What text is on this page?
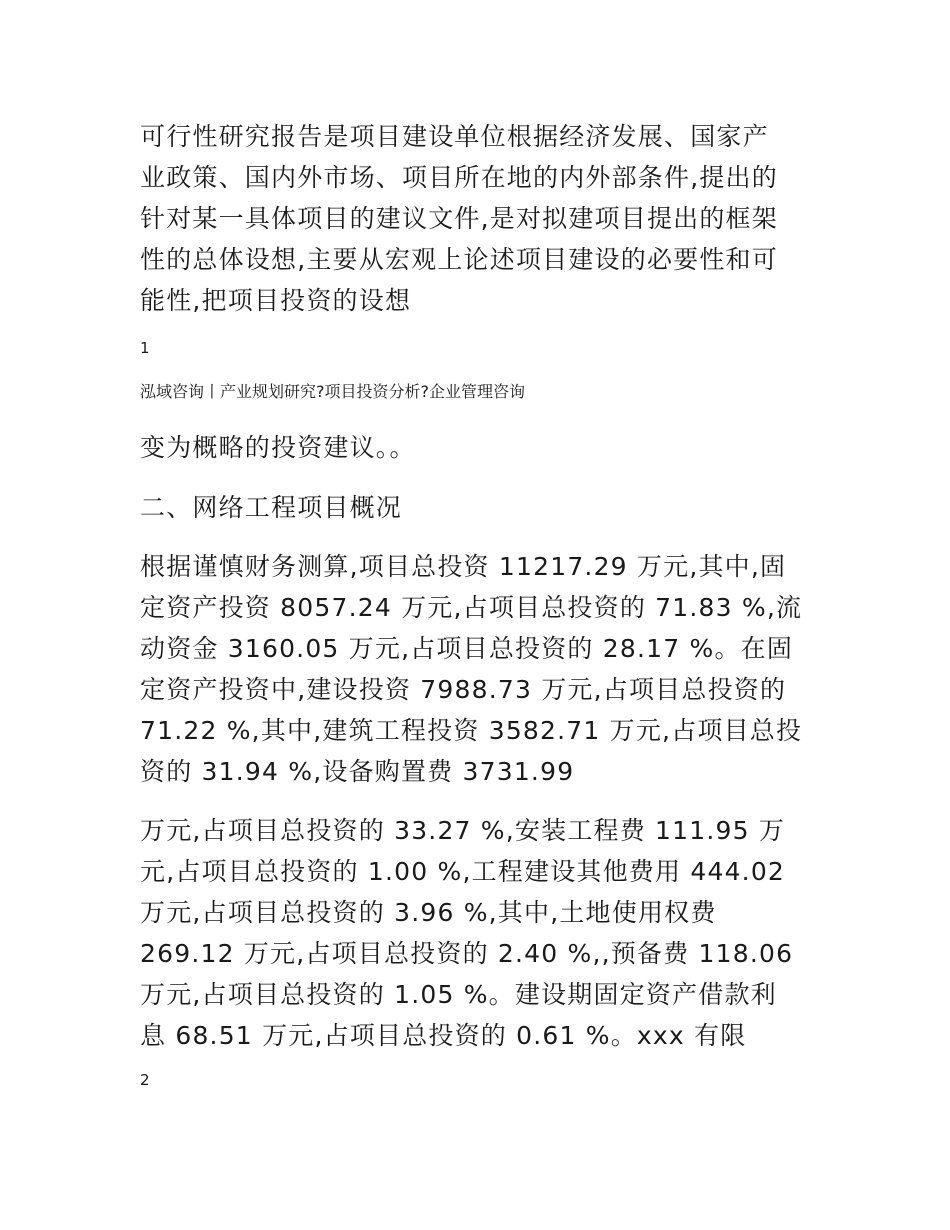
可行性研究报告是项目建设单位根据经济发展、国家产
业政策、国内外市场、项目所在地的内外部条件,提出的
针对某一具体项目的建议文件,是对拟建项目提出的框架
性的总体设想,主要从宏观上论述项目建设的必要性和可
能性,把项目投资的设想

1

泓域咨询丨产业规划研究?项目投资分析?企业管理咨询

变为概略的投资建议。。

二、网络工程项目概况

根据谨慎财务测算,项目总投资 11217.29 万元,其中,固
定资产投资 8057.24 万元,占项目总投资的 71.83 %,流
动资金 3160.05 万元,占项目总投资的 28.17 %。在固
定资产投资中,建设投资 7988.73 万元,占项目总投资的
71.22 %,其中,建筑工程投资 3582.71 万元,占项目总投
资的 31.94 %,设备购置费 3731.99

万元,占项目总投资的 33.27 %,安装工程费 111.95 万
元,占项目总投资的 1.00 %,工程建设其他费用 444.02
万元,占项目总投资的 3.96 %,其中,土地使用权费
269.12 万元,占项目总投资的 2.40 %,,预备费 118.06
万元,占项目总投资的 1.05 %。建设期固定资产借款利
息 68.51 万元,占项目总投资的 0.61 %。xxx 有限

2
